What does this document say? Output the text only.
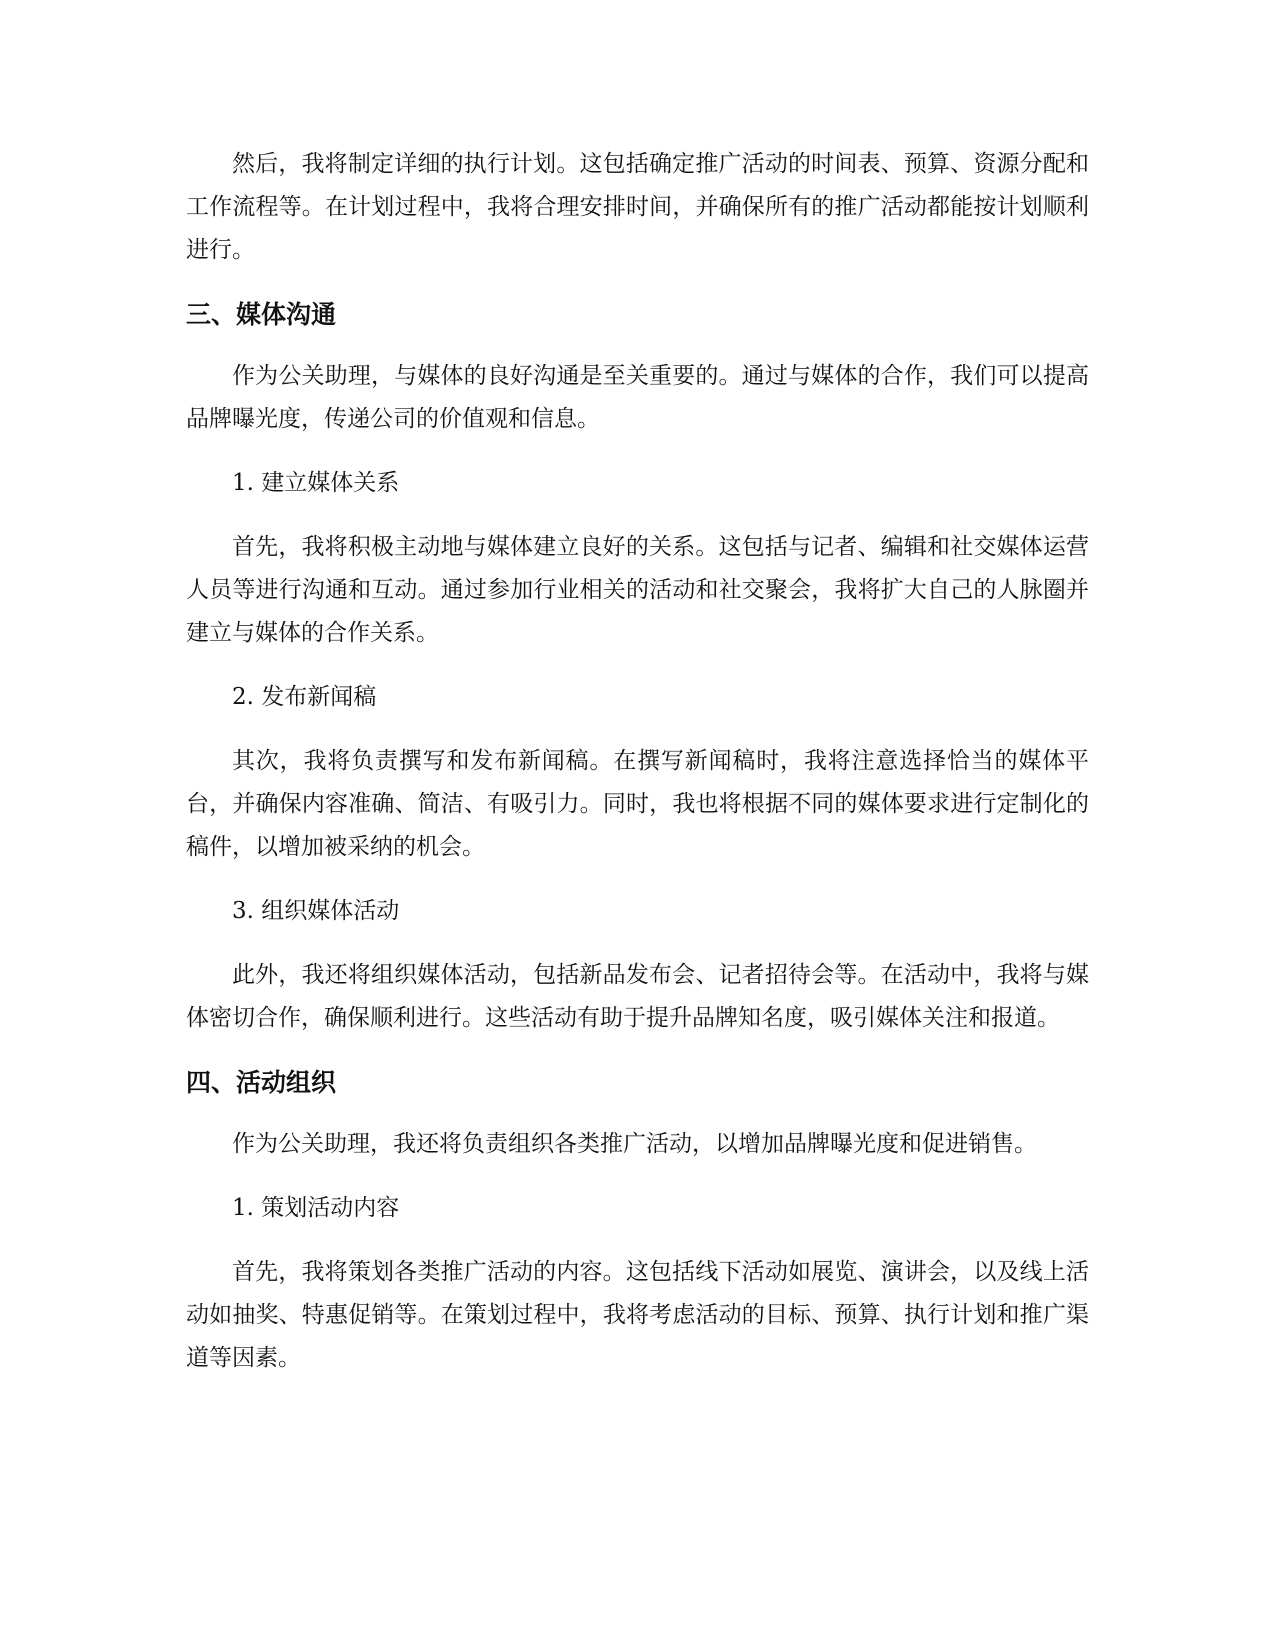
然后，我将制定详细的执行计划。这包括确定推广活动的时间表、预算、资源分配和工作流程等。在计划过程中，我将合理安排时间，并确保所有的推广活动都能按计划顺利进行。

三、媒体沟通

作为公关助理，与媒体的良好沟通是至关重要的。通过与媒体的合作，我们可以提高品牌曝光度，传递公司的价值观和信息。

1. 建立媒体关系

首先，我将积极主动地与媒体建立良好的关系。这包括与记者、编辑和社交媒体运营人员等进行沟通和互动。通过参加行业相关的活动和社交聚会，我将扩大自己的人脉圈并建立与媒体的合作关系。

2. 发布新闻稿

其次，我将负责撰写和发布新闻稿。在撰写新闻稿时，我将注意选择恰当的媒体平台，并确保内容准确、简洁、有吸引力。同时，我也将根据不同的媒体要求进行定制化的稿件，以增加被采纳的机会。

3. 组织媒体活动

此外，我还将组织媒体活动，包括新品发布会、记者招待会等。在活动中，我将与媒体密切合作，确保顺利进行。这些活动有助于提升品牌知名度，吸引媒体关注和报道。

四、活动组织

作为公关助理，我还将负责组织各类推广活动，以增加品牌曝光度和促进销售。

1. 策划活动内容

首先，我将策划各类推广活动的内容。这包括线下活动如展览、演讲会，以及线上活动如抽奖、特惠促销等。在策划过程中，我将考虑活动的目标、预算、执行计划和推广渠道等因素。
